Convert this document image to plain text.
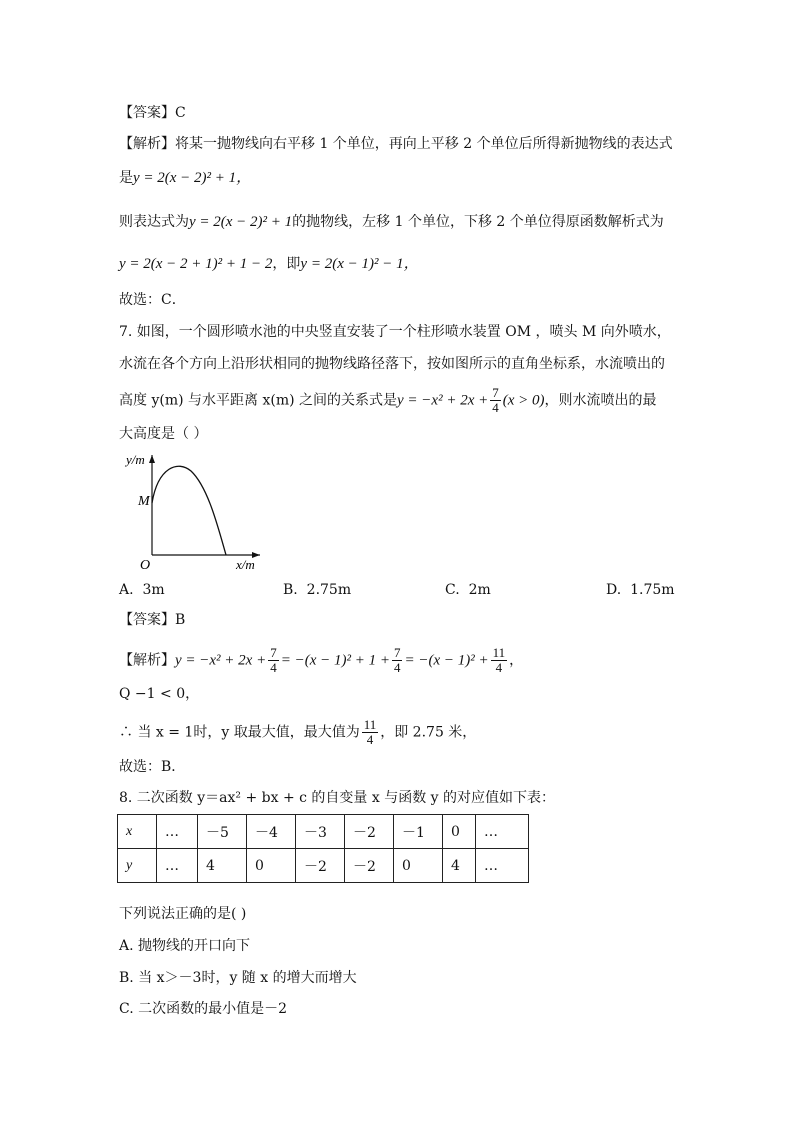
【答案】C
【解析】将某一抛物线向右平移 1 个单位，再向上平移 2 个单位后所得新抛物线的表达式
是y = 2(x − 2)² + 1，
则表达式为y = 2(x − 2)² + 1的抛物线，左移 1 个单位，下移 2 个单位得原函数解析式为
y = 2(x − 2 + 1)² + 1 − 2，即y = 2(x − 1)² − 1，
故选：C．
7. 如图，一个圆形喷水池的中央竖直安装了一个柱形喷水装置 OM ，喷头 M 向外喷水，
水流在各个方向上沿形状相同的抛物线路径落下，按如图所示的直角坐标系，水流喷出的
高度 y(m) 与水平距离 x(m) 之间的关系式是$y = -x^2 + 2x + \frac{7}{4} (x > 0)$，则水流喷出的最
大高度是（ ）
y/m
M
O	x/m
A. 3m	B. 2.75m	C. 2m	D. 1.75m
【答案】B
【解析】$y = -x^2 + 2x + \frac{7}{4} = -(x - 1)^2 + 1 + \frac{7}{4} = -(x - 1)^2 + \frac{11}{4}$ ，
Q −1 < 0，
∴ 当 x = 1时，y 取最大值，最大值为 $\frac{11}{4}$ ，即 2.75 米，
故选：B．
8. 二次函数 y＝ax² + bx + c 的自变量 x 与函数 y 的对应值如下表：
x	…	－5	－4	－3	－2	－1	0	…
y	…	4	0	－2	－2	0	4	…
下列说法正确的是( )
A. 抛物线的开口向下
B. 当 x＞－3时，y 随 x 的增大而增大
C. 二次函数的最小值是－2
